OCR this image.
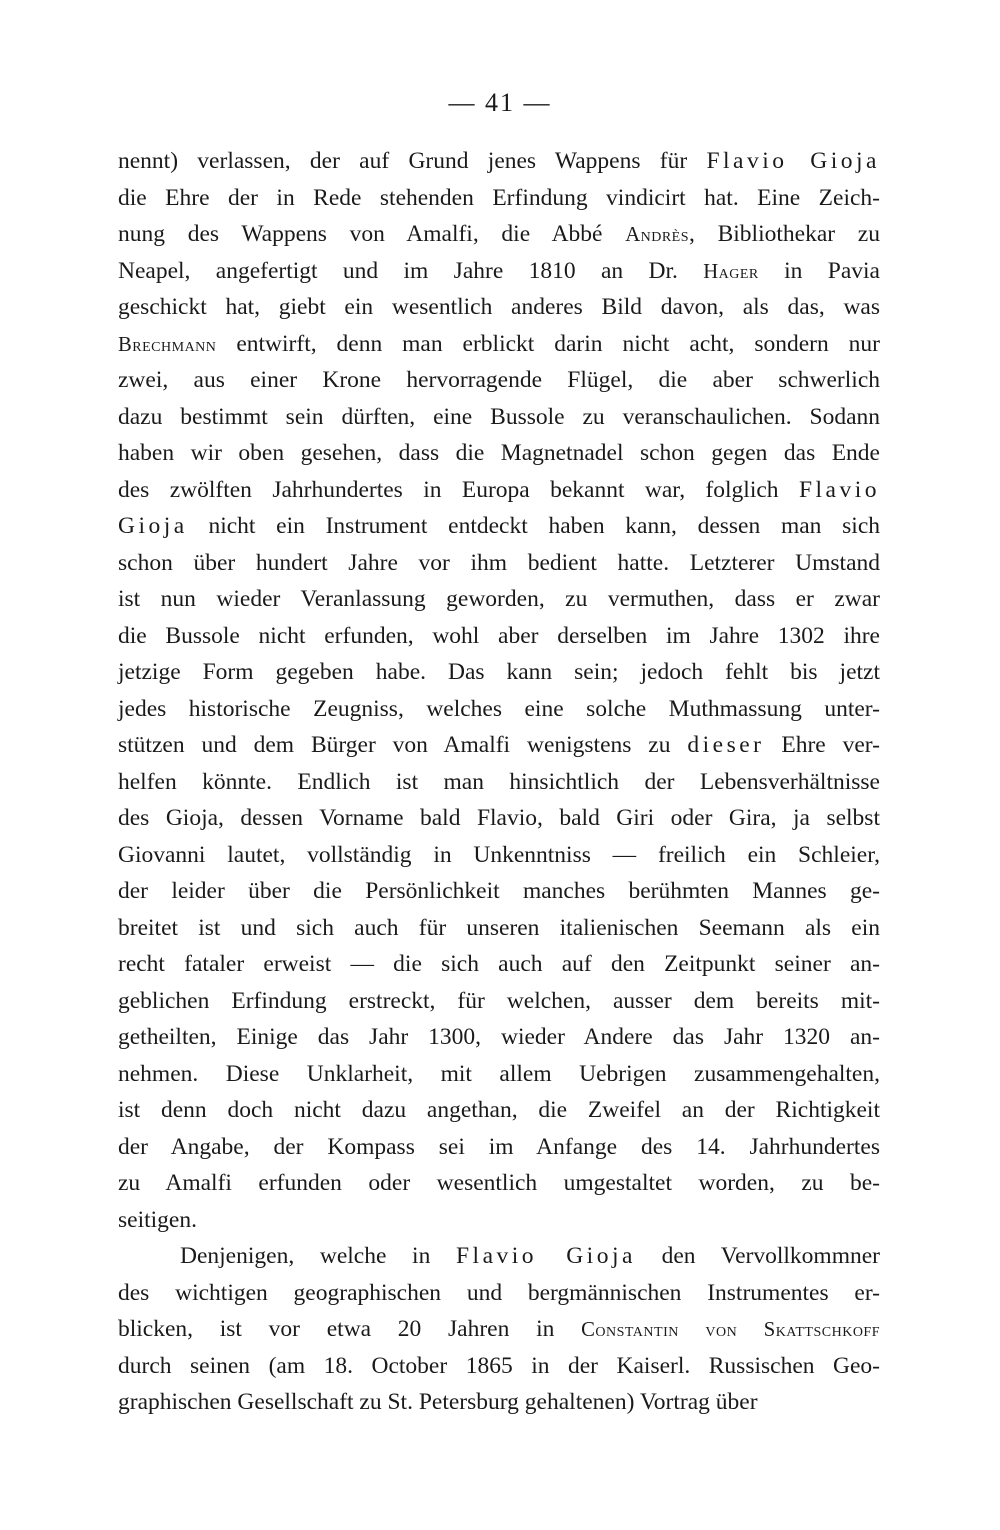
— 41 —
nennt) verlassen, der auf Grund jenes Wappens für Flavio Gioja
die Ehre der in Rede stehenden Erfindung vindicirt hat. Eine Zeich-
nung des Wappens von Amalfi, die Abbé Andrès, Bibliothekar zu
Neapel, angefertigt und im Jahre 1810 an Dr. Hager in Pavia
geschickt hat, giebt ein wesentlich anderes Bild davon, als das, was
Brechmann entwirft, denn man erblickt darin nicht acht, sondern nur
zwei, aus einer Krone hervorragende Flügel, die aber schwerlich
dazu bestimmt sein dürften, eine Bussole zu veranschaulichen. Sodann
haben wir oben gesehen, dass die Magnetnadel schon gegen das Ende
des zwölften Jahrhundertes in Europa bekannt war, folglich Flavio
Gioja nicht ein Instrument entdeckt haben kann, dessen man sich
schon über hundert Jahre vor ihm bedient hatte. Letzterer Umstand
ist nun wieder Veranlassung geworden, zu vermuthen, dass er zwar
die Bussole nicht erfunden, wohl aber derselben im Jahre 1302 ihre
jetzige Form gegeben habe. Das kann sein; jedoch fehlt bis jetzt
jedes historische Zeugniss, welches eine solche Muthmassung unter-
stützen und dem Bürger von Amalfi wenigstens zu dieser Ehre ver-
helfen könnte. Endlich ist man hinsichtlich der Lebensverhältnisse
des Gioja, dessen Vorname bald Flavio, bald Giri oder Gira, ja selbst
Giovanni lautet, vollständig in Unkenntniss — freilich ein Schleier,
der leider über die Persönlichkeit manches berühmten Mannes ge-
breitet ist und sich auch für unseren italienischen Seemann als ein
recht fataler erweist — die sich auch auf den Zeitpunkt seiner an-
geblichen Erfindung erstreckt, für welchen, ausser dem bereits mit-
getheilten, Einige das Jahr 1300, wieder Andere das Jahr 1320 an-
nehmen. Diese Unklarheit, mit allem Uebrigen zusammengehalten,
ist denn doch nicht dazu angethan, die Zweifel an der Richtigkeit
der Angabe, der Kompass sei im Anfange des 14. Jahrhundertes
zu Amalfi erfunden oder wesentlich umgestaltet worden, zu be-
seitigen.
Denjenigen, welche in Flavio Gioja den Vervollkommner
des wichtigen geographischen und bergmännischen Instrumentes er-
blicken, ist vor etwa 20 Jahren in Constantin von Skattschkoff
durch seinen (am 18. October 1865 in der Kaiserl. Russischen Geo-
graphischen Gesellschaft zu St. Petersburg gehaltenen) Vortrag über
